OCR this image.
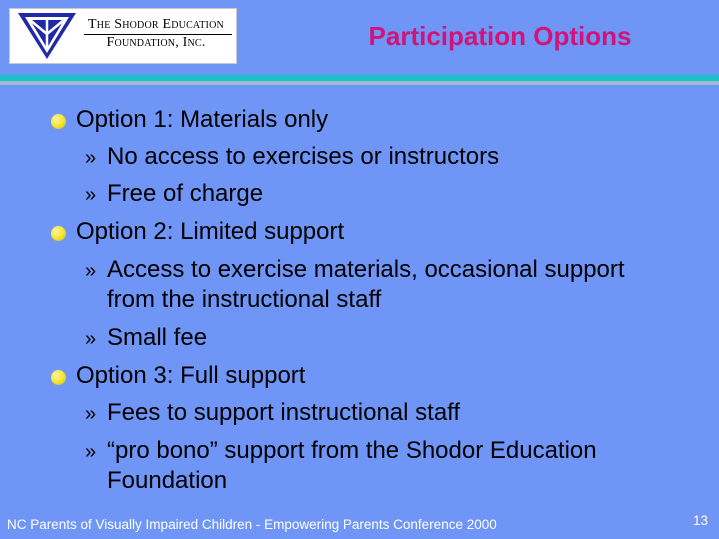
The Shodor Education
Foundation, Inc.	Participation Options
Option 1: Materials only
» No access to exercises or instructors
» Free of charge
Option 2: Limited support
» Access to exercise materials, occasional support
from the instructional staff
» Small fee
Option 3: Full support
» Fees to support instructional staff
» “pro bono” support from the Shodor Education
Foundation
NC Parents of Visually Impaired Children - Empowering Parents Conference 2000	13
